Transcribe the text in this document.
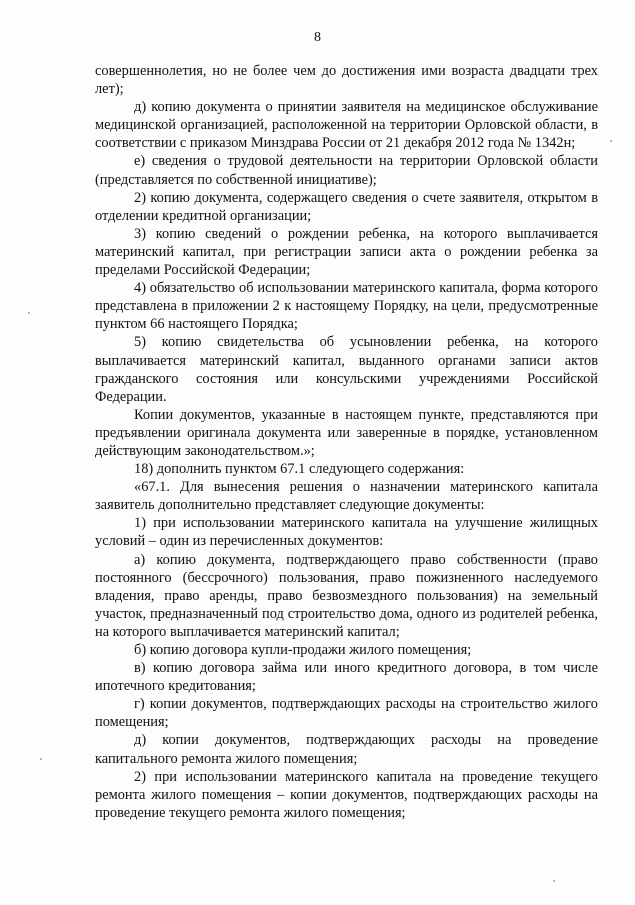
8

совершеннолетия, но не более чем до достижения ими возраста двадцати трех лет);

д) копию документа о принятии заявителя на медицинское обслуживание медицинской организацией, расположенной на территории Орловской области, в соответствии с приказом Минздрава России от 21 декабря 2012 года № 1342н;

е) сведения о трудовой деятельности на территории Орловской области (представляется по собственной инициативе);

2) копию документа, содержащего сведения о счете заявителя, открытом в отделении кредитной организации;

3) копию сведений о рождении ребенка, на которого выплачивается материнский капитал, при регистрации записи акта о рождении ребенка за пределами Российской Федерации;

4) обязательство об использовании материнского капитала, форма которого представлена в приложении 2 к настоящему Порядку, на цели, предусмотренные пунктом 66 настоящего Порядка;

5) копию свидетельства об усыновлении ребенка, на которого выплачивается материнский капитал, выданного органами записи актов гражданского состояния или консульскими учреждениями Российской Федерации.

Копии документов, указанные в настоящем пункте, представляются при предъявлении оригинала документа или заверенные в порядке, установленном действующим законодательством.»;

18) дополнить пунктом 67.1 следующего содержания:

«67.1. Для вынесения решения о назначении материнского капитала заявитель дополнительно представляет следующие документы:

1) при использовании материнского капитала на улучшение жилищных условий – один из перечисленных документов:

а) копию документа, подтверждающего право собственности (право постоянного (бессрочного) пользования, право пожизненного наследуемого владения, право аренды, право безвозмездного пользования) на земельный участок, предназначенный под строительство дома, одного из родителей ребенка, на которого выплачивается материнский капитал;

б) копию договора купли-продажи жилого помещения;

в) копию договора займа или иного кредитного договора, в том числе ипотечного кредитования;

г) копии документов, подтверждающих расходы на строительство жилого помещения;

д) копии документов, подтверждающих расходы на проведение капитального ремонта жилого помещения;

2) при использовании материнского капитала на проведение текущего ремонта жилого помещения – копии документов, подтверждающих расходы на проведение текущего ремонта жилого помещения;
